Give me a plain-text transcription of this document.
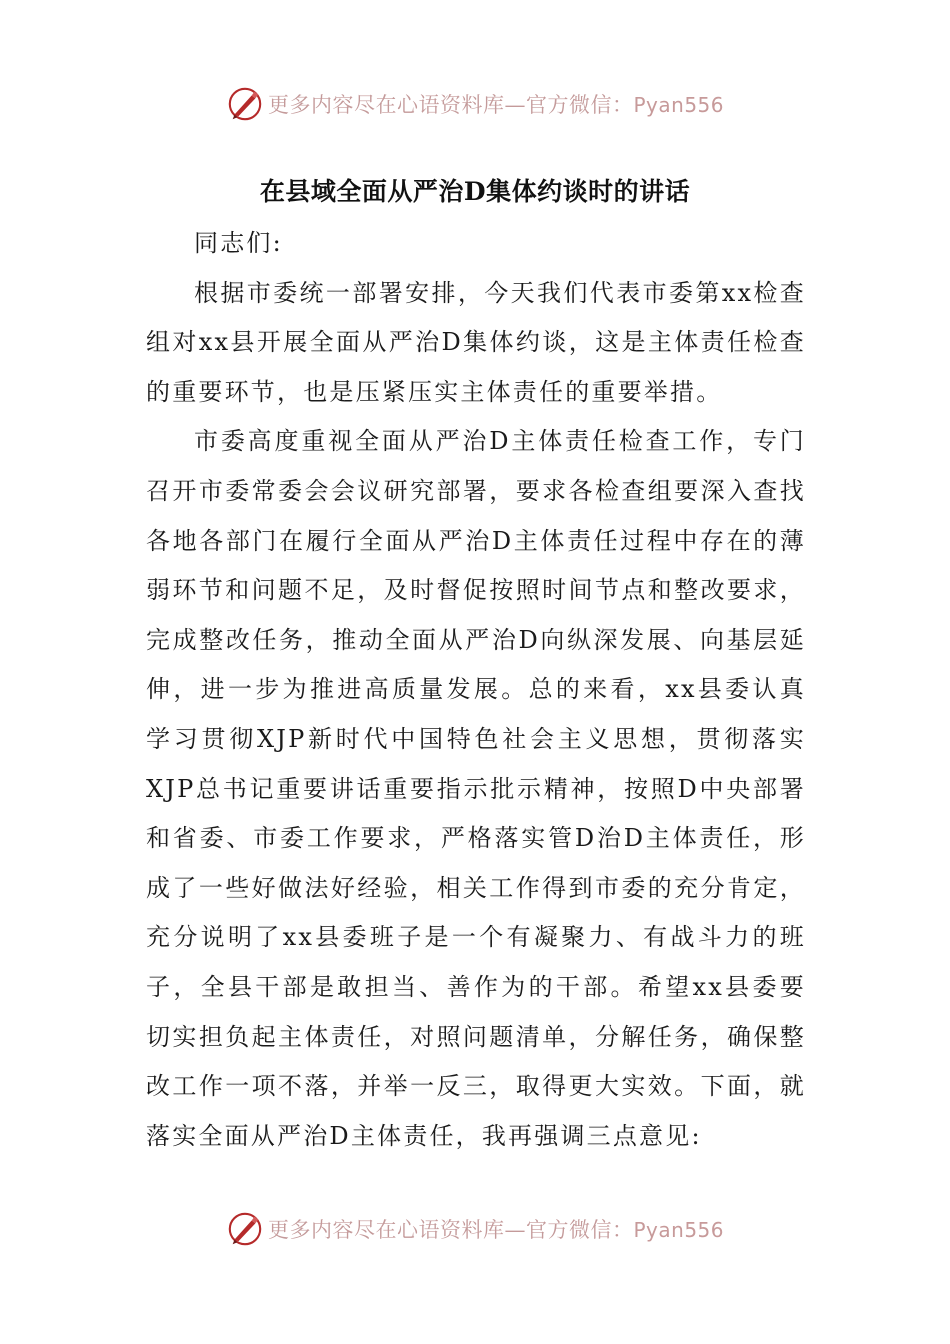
更多内容尽在心语资料库—官方微信：Pyan556
在县域全面从严治D集体约谈时的讲话

同志们:

根据市委统一部署安排，今天我们代表市委第xx检查组对xx县开展全面从严治D集体约谈，这是主体责任检查的重要环节，也是压紧压实主体责任的重要举措。

市委高度重视全面从严治D主体责任检查工作，专门召开市委常委会会议研究部署，要求各检查组要深入查找各地各部门在履行全面从严治D主体责任过程中存在的薄弱环节和问题不足，及时督促按照时间节点和整改要求，完成整改任务，推动全面从严治D向纵深发展、向基层延伸，进一步为推进高质量发展。总的来看，xx县委认真学习贯彻XJP新时代中国特色社会主义思想，贯彻落实XJP总书记重要讲话重要指示批示精神，按照D中央部署和省委、市委工作要求，严格落实管D治D主体责任，形成了一些好做法好经验，相关工作得到市委的充分肯定，充分说明了xx县委班子是一个有凝聚力、有战斗力的班子，全县干部是敢担当、善作为的干部。希望xx县委要切实担负起主体责任，对照问题清单，分解任务，确保整改工作一项不落，并举一反三，取得更大实效。下面，就落实全面从严治D主体责任，我再强调三点意见:

更多内容尽在心语资料库—官方微信：Pyan556
